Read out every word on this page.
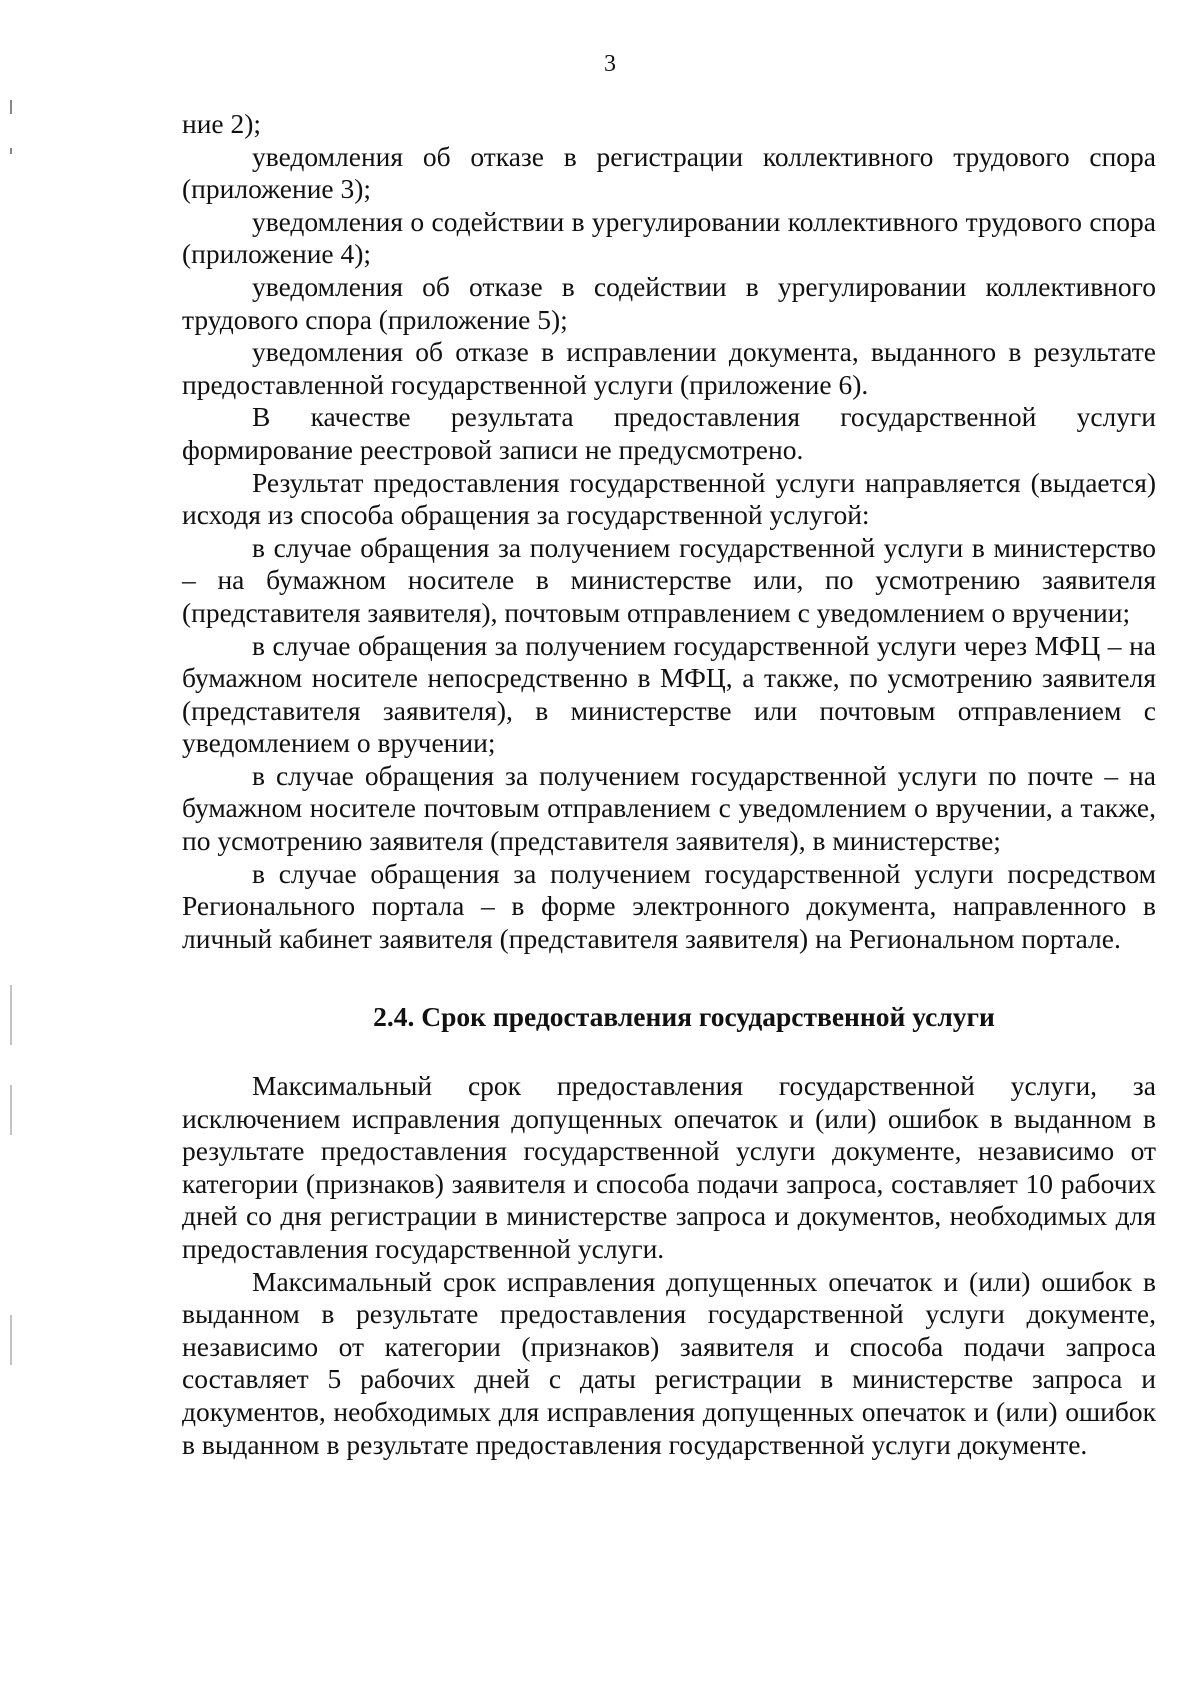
3

ние 2);

уведомления об отказе в регистрации коллективного трудового спора (приложение 3);

уведомления о содействии в урегулировании коллективного трудового спора (приложение 4);

уведомления об отказе в содействии в урегулировании коллективного трудового спора (приложение 5);

уведомления об отказе в исправлении документа, выданного в результате предоставленной государственной услуги (приложение 6).

В качестве результата предоставления государственной услуги формирование реестровой записи не предусмотрено.

Результат предоставления государственной услуги направляется (выдается) исходя из способа обращения за государственной услугой:

в случае обращения за получением государственной услуги в министерство – на бумажном носителе в министерстве или, по усмотрению заявителя (представителя заявителя), почтовым отправлением с уведомлением о вручении;

в случае обращения за получением государственной услуги через МФЦ – на бумажном носителе непосредственно в МФЦ, а также, по усмотрению заявителя (представителя заявителя), в министерстве или почтовым отправлением с уведомлением о вручении;

в случае обращения за получением государственной услуги по почте – на бумажном носителе почтовым отправлением с уведомлением о вручении, а также, по усмотрению заявителя (представителя заявителя), в министерстве;

в случае обращения за получением государственной услуги посредством Регионального портала – в форме электронного документа, направленного в личный кабинет заявителя (представителя заявителя) на Региональном портале.

2.4. Срок предоставления государственной услуги

Максимальный срок предоставления государственной услуги, за исключением исправления допущенных опечаток и (или) ошибок в выданном в результате предоставления государственной услуги документе, независимо от категории (признаков) заявителя и способа подачи запроса, составляет 10 рабочих дней со дня регистрации в министерстве запроса и документов, необходимых для предоставления государственной услуги.

Максимальный срок исправления допущенных опечаток и (или) ошибок в выданном в результате предоставления государственной услуги документе, независимо от категории (признаков) заявителя и способа подачи запроса составляет 5 рабочих дней с даты регистрации в министерстве запроса и документов, необходимых для исправления допущенных опечаток и (или) ошибок в выданном в результате предоставления государственной услуги документе.
